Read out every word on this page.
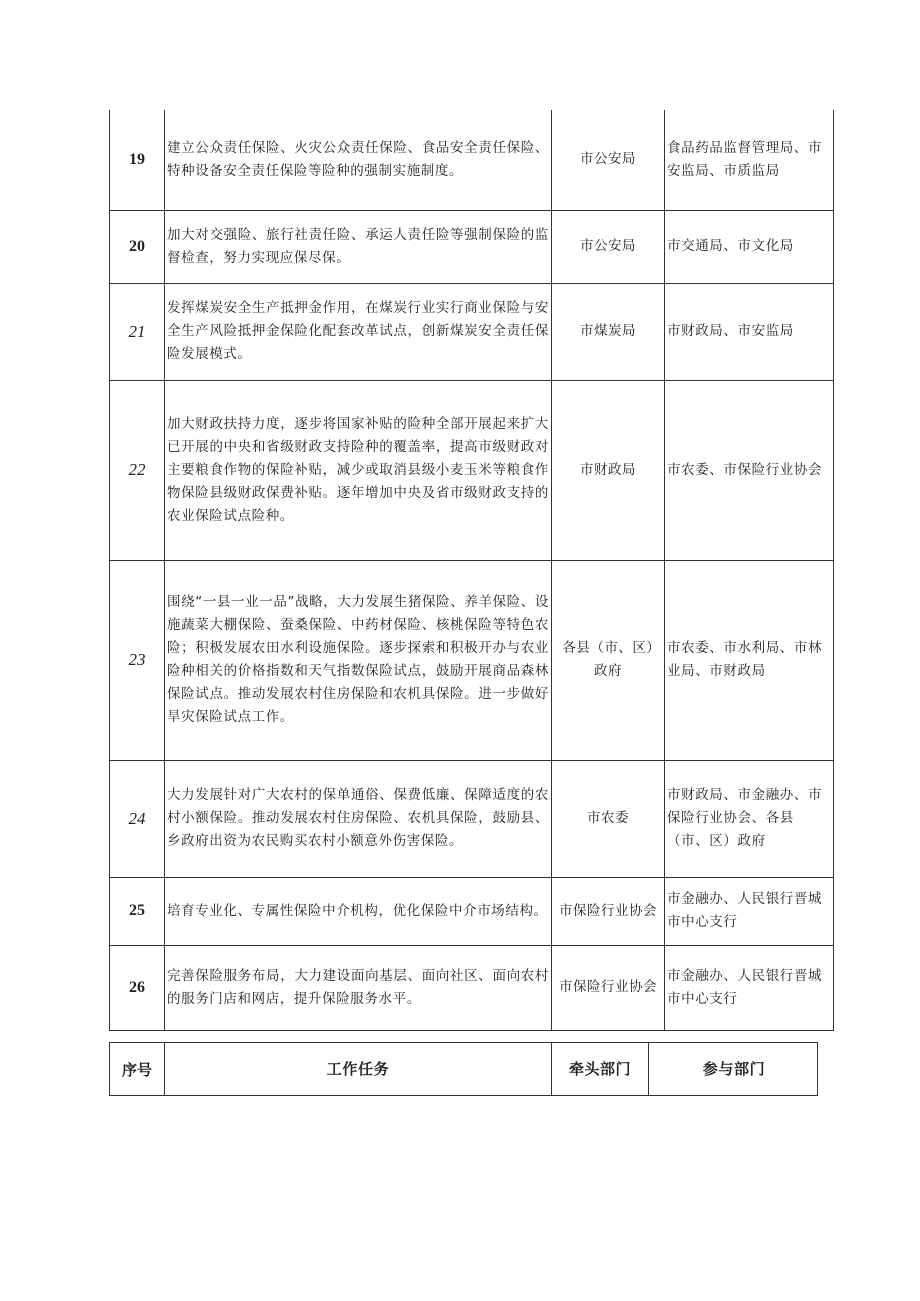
19	建立公众责任保险、火灾公众责任保险、食品安全责任保险、特种设备安全责任保险等险种的强制实施制度。	市公安局	食品药品监督管理局、市安监局、市质监局
20	加大对交强险、旅行社责任险、承运人责任险等强制保险的监督检查，努力实现应保尽保。	市公安局	市交通局、市文化局
21	发挥煤炭安全生产抵押金作用，在煤炭行业实行商业保险与安全生产风险抵押金保险化配套改革试点，创新煤炭安全责任保险发展模式。	市煤炭局	市财政局、市安监局
22	加大财政扶持力度，逐步将国家补贴的险种全部开展起来扩大已开展的中央和省级财政支持险种的覆盖率，提高市级财政对主要粮食作物的保险补贴，减少或取消县级小麦玉米等粮食作物保险县级财政保费补贴。逐年增加中央及省市级财政支持的农业保险试点险种。	市财政局	市农委、市保险行业协会
23	围绕“一县一业一品”战略，大力发展生猪保险、养羊保险、设施蔬菜大棚保险、蚕桑保险、中药材保险、核桃保险等特色农险；积极发展农田水利设施保险。逐步探索和积极开办与农业险种相关的价格指数和天气指数保险试点，鼓励开展商品森林保险试点。推动发展农村住房保险和农机具保险。进一步做好旱灾保险试点工作。	各县（市、区）政府	市农委、市水利局、市林业局、市财政局
24	大力发展针对广大农村的保单通俗、保费低廉、保障适度的农村小额保险。推动发展农村住房保险、农机具保险，鼓励县、乡政府出资为农民购买农村小额意外伤害保险。	市农委	市财政局、市金融办、市保险行业协会、各县（市、区）政府
25	培育专业化、专属性保险中介机构，优化保险中介市场结构。	市保险行业协会	市金融办、人民银行晋城市中心支行
26	完善保险服务布局，大力建设面向基层、面向社区、面向农村的服务门店和网店，提升保险服务水平。	市保险行业协会	市金融办、人民银行晋城市中心支行
序号	工作任务	牵头部门	参与部门
